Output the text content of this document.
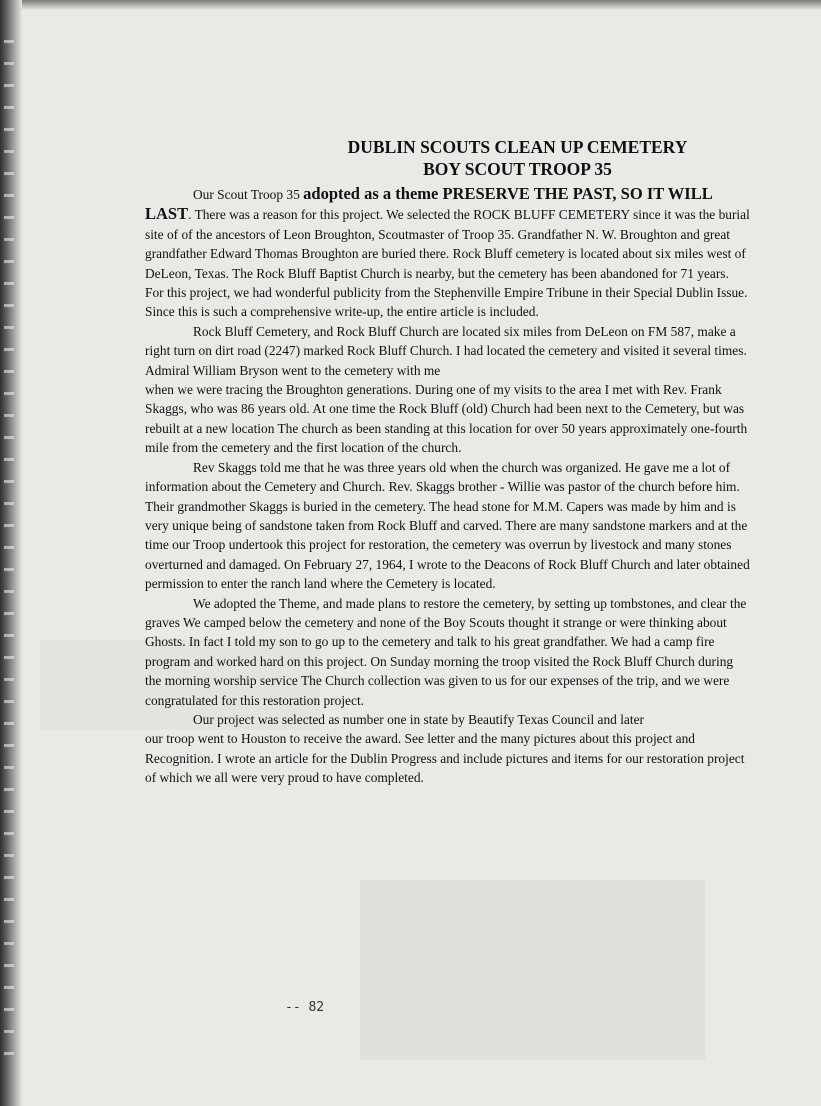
DUBLIN SCOUTS CLEAN UP CEMETERY
BOY SCOUT TROOP 35

Our Scout Troop 35 adopted as a theme PRESERVE THE PAST, SO IT WILL LAST. There was a reason for this project. We selected the ROCK BLUFF CEMETERY since it was the burial site of of the ancestors of Leon Broughton, Scoutmaster of Troop 35. Grandfather N. W. Broughton and great grandfather Edward Thomas Broughton are buried there. Rock Bluff cemetery is located about six miles west of DeLeon, Texas. The Rock Bluff Baptist Church is nearby, but the cemetery has been abandoned for 71 years. For this project, we had wonderful publicity from the Stephenville Empire Tribune in their Special Dublin Issue. Since this is such a comprehensive write-up, the entire article is included.

Rock Bluff Cemetery, and Rock Bluff Church are located six miles from DeLeon on FM 587, make a right turn on dirt road (2247) marked Rock Bluff Church. I had located the cemetery and visited it several times. Admiral William Bryson went to the cemetery with me

when we were tracing the Broughton generations. During one of my visits to the area I met with Rev. Frank Skaggs, who was 86 years old. At one time the Rock Bluff (old) Church had been next to the Cemetery, but was rebuilt at a new location The church as been standing at this location for over 50 years approximately one-fourth mile from the cemetery and the first location of the church.

Rev Skaggs told me that he was three years old when the church was organized. He gave me a lot of information about the Cemetery and Church. Rev. Skaggs brother - Willie was pastor of the church before him. Their grandmother Skaggs is buried in the cemetery. The head stone for M.M. Capers was made by him and is very unique being of sandstone taken from Rock Bluff and carved. There are many sandstone markers and at the time our Troop undertook this project for restoration, the cemetery was overrun by livestock and many stones overturned and damaged. On February 27, 1964, I wrote to the Deacons of Rock Bluff Church and later obtained permission to enter the ranch land where the Cemetery is located.

We adopted the Theme, and made plans to restore the cemetery, by setting up tombstones, and clear the graves We camped below the cemetery and none of the Boy Scouts thought it strange or were thinking about Ghosts. In fact I told my son to go up to the cemetery and talk to his great grandfather. We had a camp fire program and worked hard on this project. On Sunday morning the troop visited the Rock Bluff Church during the morning worship service The Church collection was given to us for our expenses of the trip, and we were congratulated for this restoration project.

Our project was selected as number one in state by Beautify Texas Council and later

our troop went to Houston to receive the award. See letter and the many pictures about this project and Recognition. I wrote an article for the Dublin Progress and include pictures and items for our restoration project of which we all were very proud to have completed.

-- 82
